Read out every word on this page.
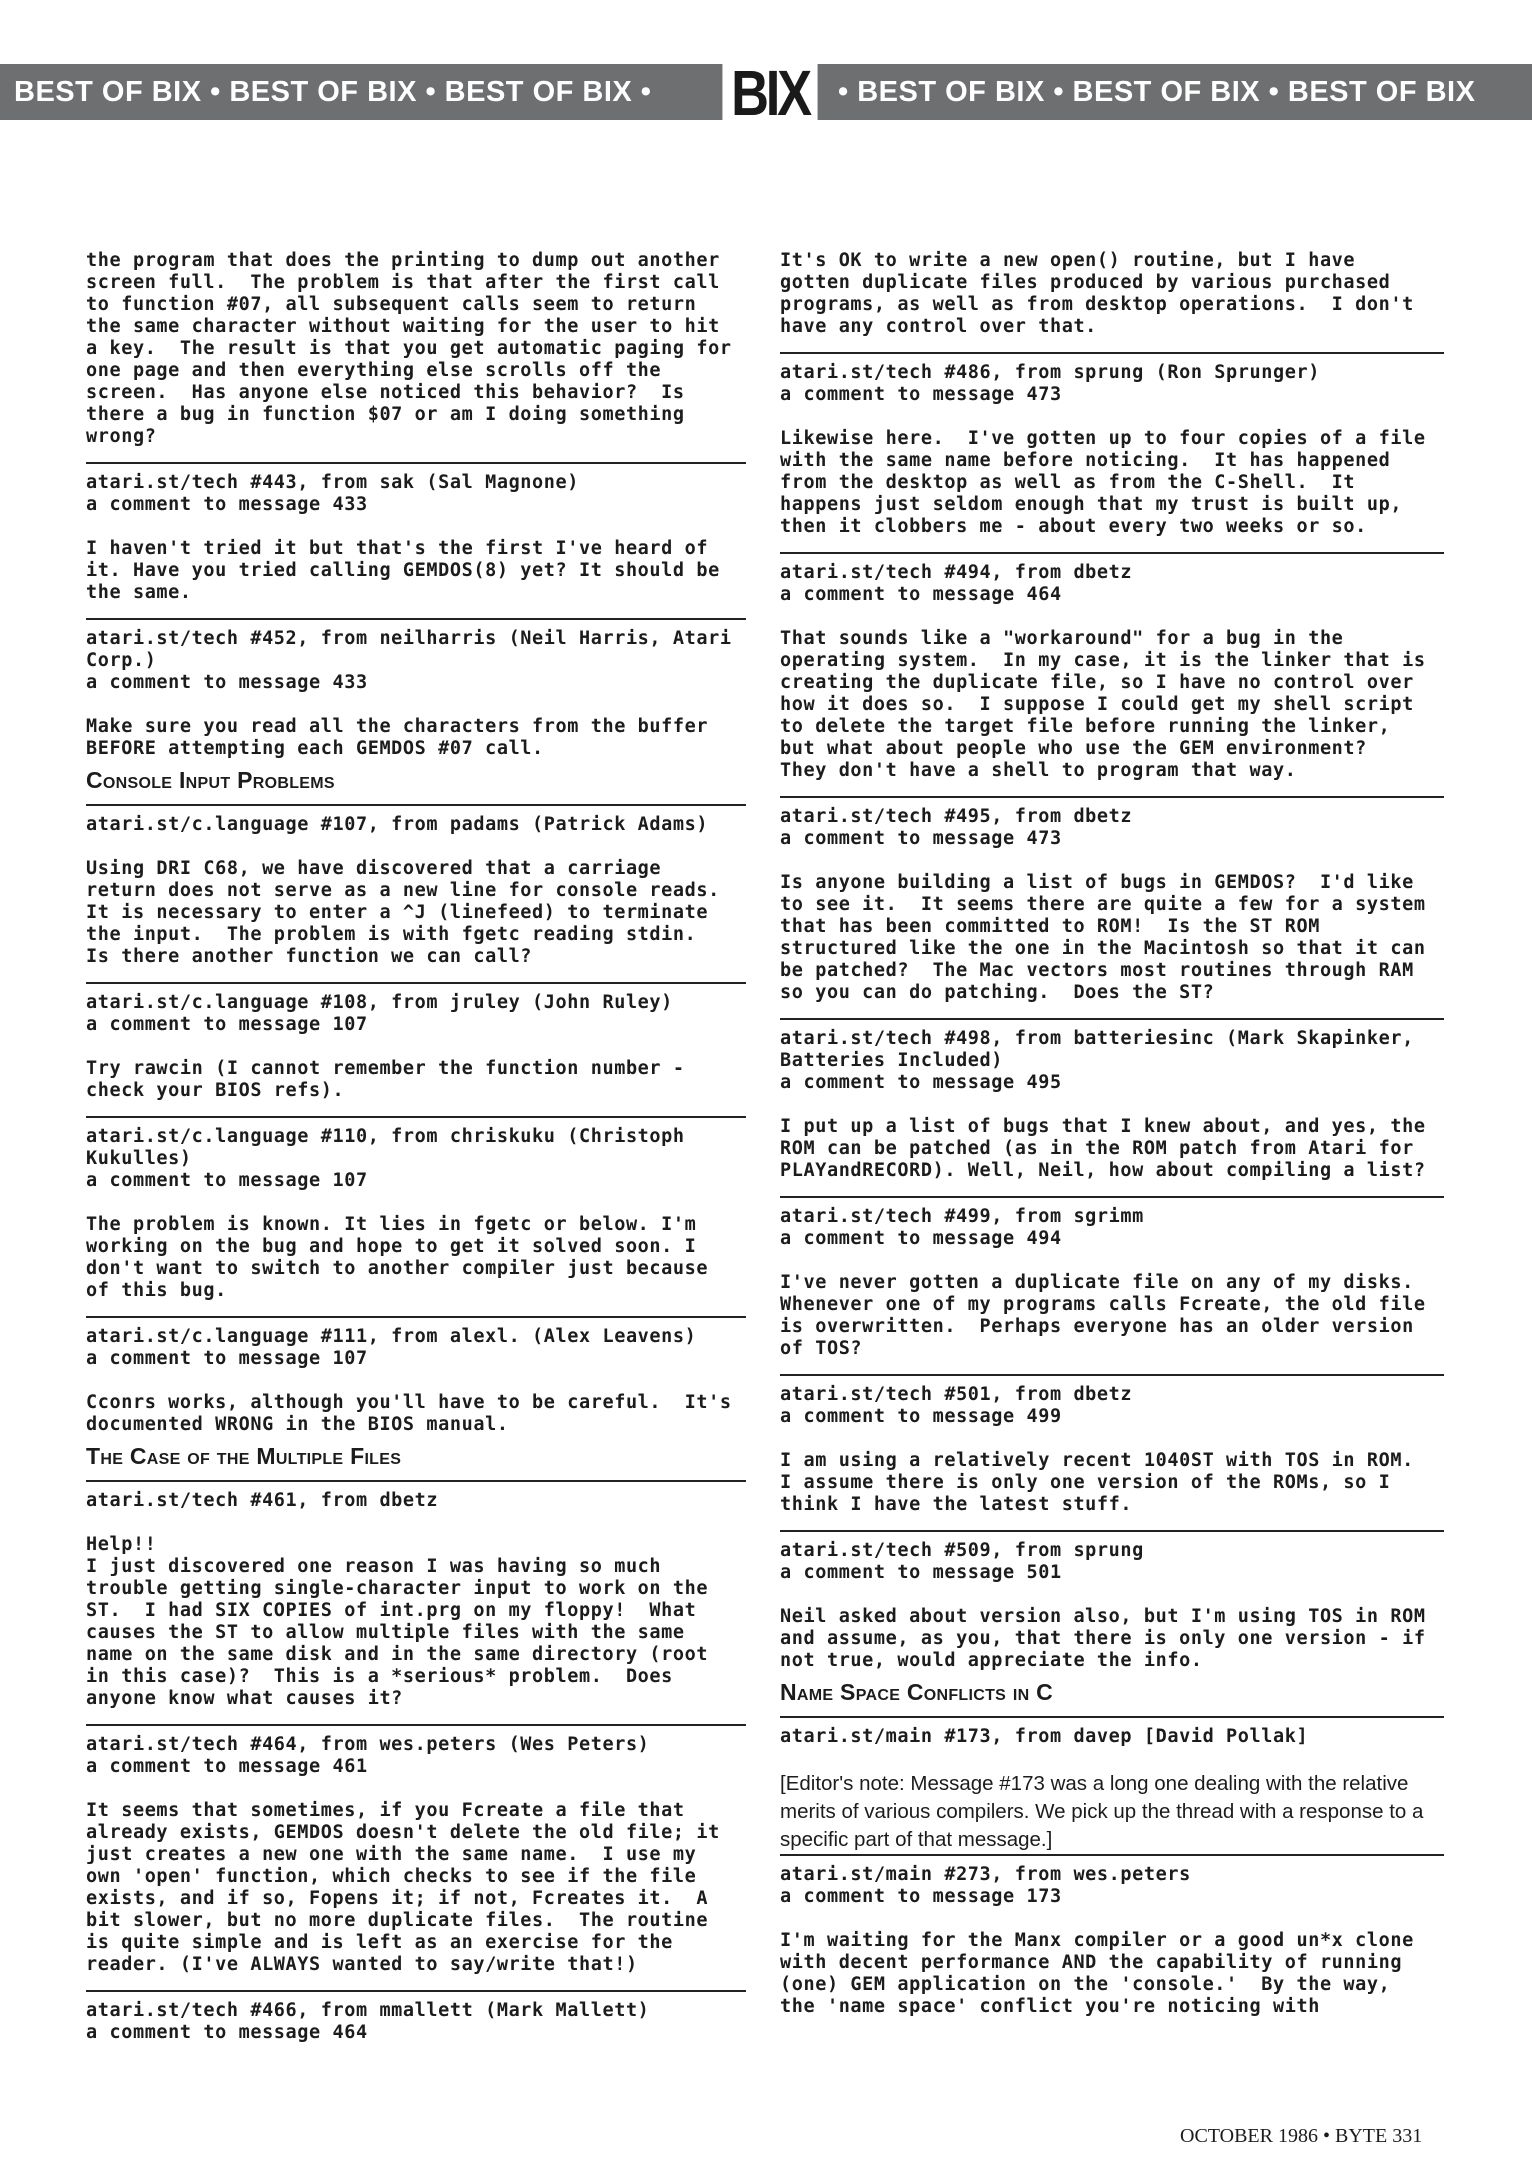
BEST OF BIX • BEST OF BIX • BEST OF BIX •	• BEST OF BIX • BEST OF BIX • BEST OF BIX
BIX
the program that does the printing to dump out another
screen full.  The problem is that after the first call
to function #07, all subsequent calls seem to return
the same character without waiting for the user to hit
a key.  The result is that you get automatic paging for
one page and then everything else scrolls off the
screen.  Has anyone else noticed this behavior?  Is
there a bug in function $07 or am I doing something
wrong?
atari.st/tech #443, from sak (Sal Magnone)
a comment to message 433
I haven't tried it but that's the first I've heard of
it. Have you tried calling GEMDOS(8) yet? It should be
the same.
atari.st/tech #452, from neilharris (Neil Harris, Atari
Corp.)
a comment to message 433
Make sure you read all the characters from the buffer
BEFORE attempting each GEMDOS #07 call.
Console Input Problems
atari.st/c.language #107, from padams (Patrick Adams)
Using DRI C68, we have discovered that a carriage
return does not serve as a new line for console reads.
It is necessary to enter a ^J (linefeed) to terminate
the input.  The problem is with fgetc reading stdin.
Is there another function we can call?
atari.st/c.language #108, from jruley (John Ruley)
a comment to message 107
Try rawcin (I cannot remember the function number -
check your BIOS refs).
atari.st/c.language #110, from chriskuku (Christoph
Kukulles)
a comment to message 107
The problem is known. It lies in fgetc or below. I'm
working on the bug and hope to get it solved soon. I
don't want to switch to another compiler just because
of this bug.
atari.st/c.language #111, from alexl. (Alex Leavens)
a comment to message 107
Cconrs works, although you'll have to be careful.  It's
documented WRONG in the BIOS manual.
The Case of the Multiple Files
atari.st/tech #461, from dbetz
Help!!
I just discovered one reason I was having so much
trouble getting single-character input to work on the
ST.  I had SIX COPIES of int.prg on my floppy!  What
causes the ST to allow multiple files with the same
name on the same disk and in the same directory (root
in this case)?  This is a *serious* problem.  Does
anyone know what causes it?
atari.st/tech #464, from wes.peters (Wes Peters)
a comment to message 461
It seems that sometimes, if you Fcreate a file that
already exists, GEMDOS doesn't delete the old file; it
just creates a new one with the same name.  I use my
own 'open' function, which checks to see if the file
exists, and if so, Fopens it; if not, Fcreates it.  A
bit slower, but no more duplicate files.  The routine
is quite simple and is left as an exercise for the
reader. (I've ALWAYS wanted to say/write that!)
atari.st/tech #466, from mmallett (Mark Mallett)
a comment to message 464
It's OK to write a new open() routine, but I have
gotten duplicate files produced by various purchased
programs, as well as from desktop operations.  I don't
have any control over that.
atari.st/tech #486, from sprung (Ron Sprunger)
a comment to message 473
Likewise here.  I've gotten up to four copies of a file
with the same name before noticing.  It has happened
from the desktop as well as from the C-Shell.  It
happens just seldom enough that my trust is built up,
then it clobbers me - about every two weeks or so.
atari.st/tech #494, from dbetz
a comment to message 464
That sounds like a "workaround" for a bug in the
operating system.  In my case, it is the linker that is
creating the duplicate file, so I have no control over
how it does so.  I suppose I could get my shell script
to delete the target file before running the linker,
but what about people who use the GEM environment?
They don't have a shell to program that way.
atari.st/tech #495, from dbetz
a comment to message 473
Is anyone building a list of bugs in GEMDOS?  I'd like
to see it.  It seems there are quite a few for a system
that has been committed to ROM!  Is the ST ROM
structured like the one in the Macintosh so that it can
be patched?  The Mac vectors most routines through RAM
so you can do patching.  Does the ST?
atari.st/tech #498, from batteriesinc (Mark Skapinker,
Batteries Included)
a comment to message 495
I put up a list of bugs that I knew about, and yes, the
ROM can be patched (as in the ROM patch from Atari for
PLAYandRECORD). Well, Neil, how about compiling a list?
atari.st/tech #499, from sgrimm
a comment to message 494
I've never gotten a duplicate file on any of my disks.
Whenever one of my programs calls Fcreate, the old file
is overwritten.  Perhaps everyone has an older version
of TOS?
atari.st/tech #501, from dbetz
a comment to message 499
I am using a relatively recent 1040ST with TOS in ROM.
I assume there is only one version of the ROMs, so I
think I have the latest stuff.
atari.st/tech #509, from sprung
a comment to message 501
Neil asked about version also, but I'm using TOS in ROM
and assume, as you, that there is only one version - if
not true, would appreciate the info.
Name Space Conflicts in C
atari.st/main #173, from davep [David Pollak]
[Editor's note: Message #173 was a long one dealing with the relative merits of various compilers. We pick up the thread with a response to a specific part of that message.]
atari.st/main #273, from wes.peters
a comment to message 173
I'm waiting for the Manx compiler or a good un*x clone
with decent performance AND the capability of running
(one) GEM application on the 'console.'  By the way,
the 'name space' conflict you're noticing with
OCTOBER 1986 • BYTE 331
